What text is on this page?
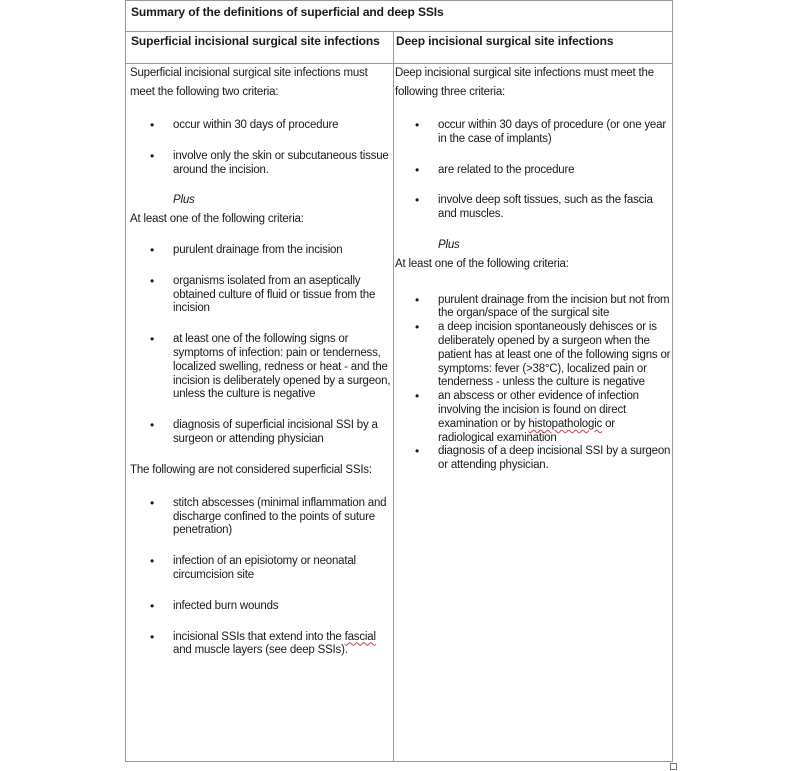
Summary of the definitions of superficial and deep SSIs
Superficial incisional surgical site infections Deep incisional surgical site infections

Superficial incisional surgical site infections must meet the following two criteria:

• occur within 30 days of procedure
• involve only the skin or subcutaneous tissue around the incision.

Plus

At least one of the following criteria:

• purulent drainage from the incision
• organisms isolated from an aseptically obtained culture of fluid or tissue from the incision
• at least one of the following signs or symptoms of infection: pain or tenderness, localized swelling, redness or heat - and the incision is deliberately opened by a surgeon, unless the culture is negative
• diagnosis of superficial incisional SSI by a surgeon or attending physician

The following are not considered superficial SSIs:

• stitch abscesses (minimal inflammation and discharge confined to the points of suture penetration)
• infection of an episiotomy or neonatal circumcision site
• infected burn wounds
• incisional SSIs that extend into the fascial and muscle layers (see deep SSIs).

Deep incisional surgical site infections must meet the following three criteria:

• occur within 30 days of procedure (or one year in the case of implants)
• are related to the procedure
• involve deep soft tissues, such as the fascia and muscles.

Plus

At least one of the following criteria:

• purulent drainage from the incision but not from the organ/space of the surgical site
• a deep incision spontaneously dehisces or is deliberately opened by a surgeon when the patient has at least one of the following signs or symptoms: fever (>38°C), localized pain or tenderness - unless the culture is negative
• an abscess or other evidence of infection involving the incision is found on direct examination or by histopathologic or radiological examination
• diagnosis of a deep incisional SSI by a surgeon or attending physician.
